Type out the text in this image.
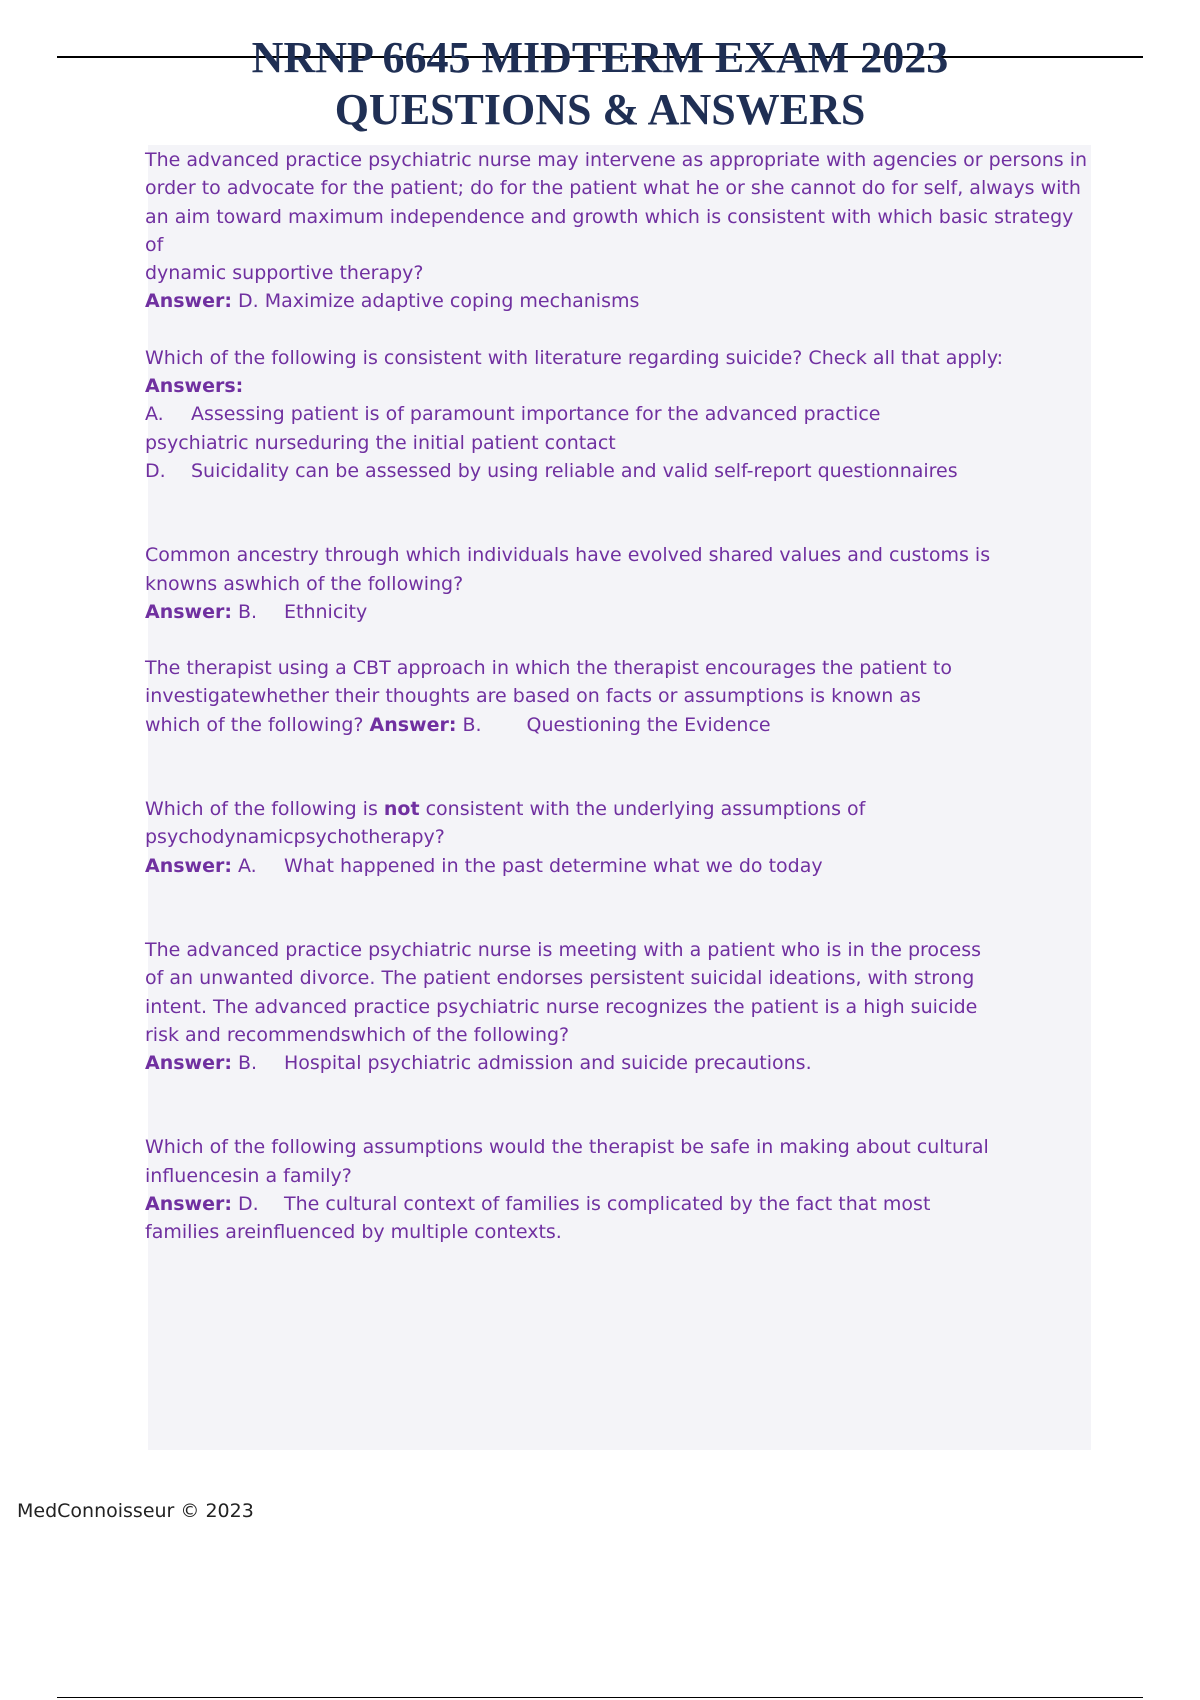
NRNP 6645 MIDTERM EXAM 2023
QUESTIONS & ANSWERS
The advanced practice psychiatric nurse may intervene as appropriate with agencies or persons in
order to advocate for the patient; do for the patient what he or she cannot do for self, always with
an aim toward maximum independence and growth which is consistent with which basic strategy of
dynamic supportive therapy?
Answer: D. Maximize adaptive coping mechanisms
Which of the following is consistent with literature regarding suicide? Check all that apply:
Answers:
A. Assessing patient is of paramount importance for the advanced practice
psychiatric nurseduring the initial patient contact
D. Suicidality can be assessed by using reliable and valid self-report questionnaires
Common ancestry through which individuals have evolved shared values and customs is
knowns aswhich of the following?
Answer: B. Ethnicity
The therapist using a CBT approach in which the therapist encourages the patient to
investigatewhether their thoughts are based on facts or assumptions is known as
which of the following? Answer: B. Questioning the Evidence
Which of the following is not consistent with the underlying assumptions of
psychodynamicpsychotherapy?
Answer: A. What happened in the past determine what we do today
The advanced practice psychiatric nurse is meeting with a patient who is in the process
of an unwanted divorce. The patient endorses persistent suicidal ideations, with strong
intent. The advanced practice psychiatric nurse recognizes the patient is a high suicide
risk and recommendswhich of the following?
Answer: B. Hospital psychiatric admission and suicide precautions.
Which of the following assumptions would the therapist be safe in making about cultural
influencesin a family?
Answer: D. The cultural context of families is complicated by the fact that most
families areinfluenced by multiple contexts.
MedConnoisseur © 2023
